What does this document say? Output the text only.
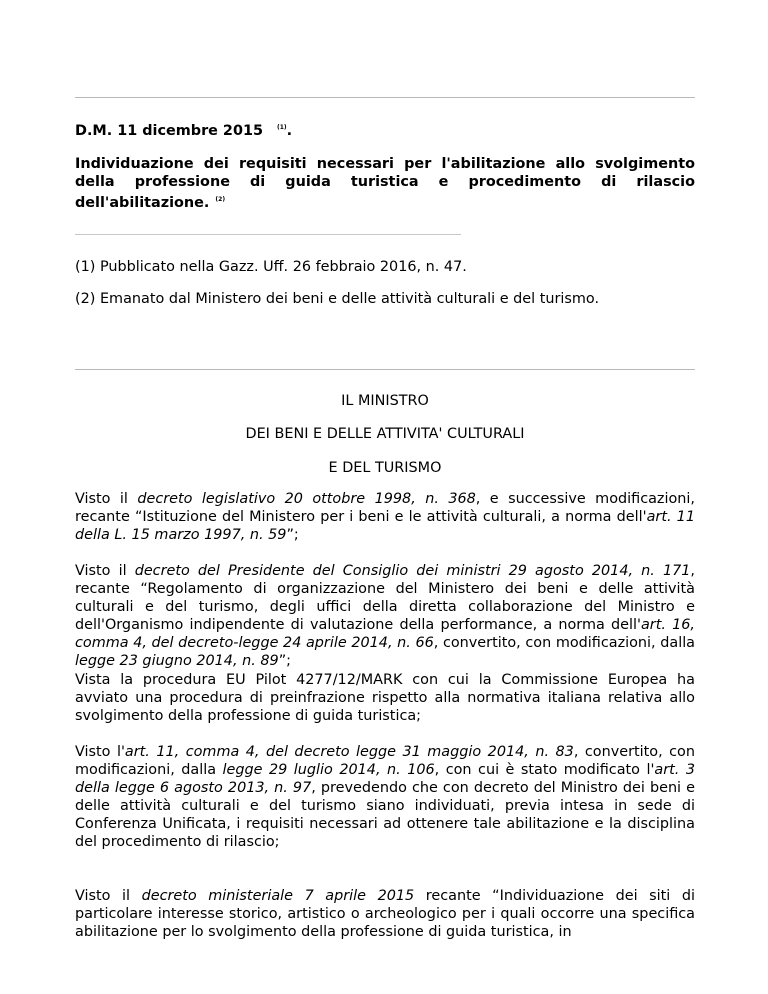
D.M. 11 dicembre 2015 $^{(1)}$.
Individuazione dei requisiti necessari per l'abilitazione allo svolgimento della professione di guida turistica e procedimento di rilascio dell'abilitazione. $^{(2)}$

(1) Pubblicato nella Gazz. Uff. 26 febbraio 2016, n. 47.

(2) Emanato dal Ministero dei beni e delle attività culturali e del turismo.

IL MINISTRO

DEI BENI E DELLE ATTIVITA' CULTURALI

E DEL TURISMO

Visto il decreto legislativo 20 ottobre 1998, n. 368, e successive modificazioni, recante “Istituzione del Ministero per i beni e le attività culturali, a norma dell'art. 11 della L. 15 marzo 1997, n. 59”;

Visto il decreto del Presidente del Consiglio dei ministri 29 agosto 2014, n. 171, recante “Regolamento di organizzazione del Ministero dei beni e delle attività culturali e del turismo, degli uffici della diretta collaborazione del Ministro e dell'Organismo indipendente di valutazione della performance, a norma dell'art. 16, comma 4, del decreto-legge 24 aprile 2014, n. 66, convertito, con modificazioni, dalla legge 23 giugno 2014, n. 89”;

Vista la procedura EU Pilot 4277/12/MARK con cui la Commissione Europea ha avviato una procedura di preinfrazione rispetto alla normativa italiana relativa allo svolgimento della professione di guida turistica;

Visto l'art. 11, comma 4, del decreto legge 31 maggio 2014, n. 83, convertito, con modificazioni, dalla legge 29 luglio 2014, n. 106, con cui è stato modificato l'art. 3 della legge 6 agosto 2013, n. 97, prevedendo che con decreto del Ministro dei beni e delle attività culturali e del turismo siano individuati, previa intesa in sede di Conferenza Unificata, i requisiti necessari ad ottenere tale abilitazione e la disciplina del procedimento di rilascio;

Visto il decreto ministeriale 7 aprile 2015 recante “Individuazione dei siti di particolare interesse storico, artistico o archeologico per i quali occorre una specifica abilitazione per lo svolgimento della professione di guida turistica, in
